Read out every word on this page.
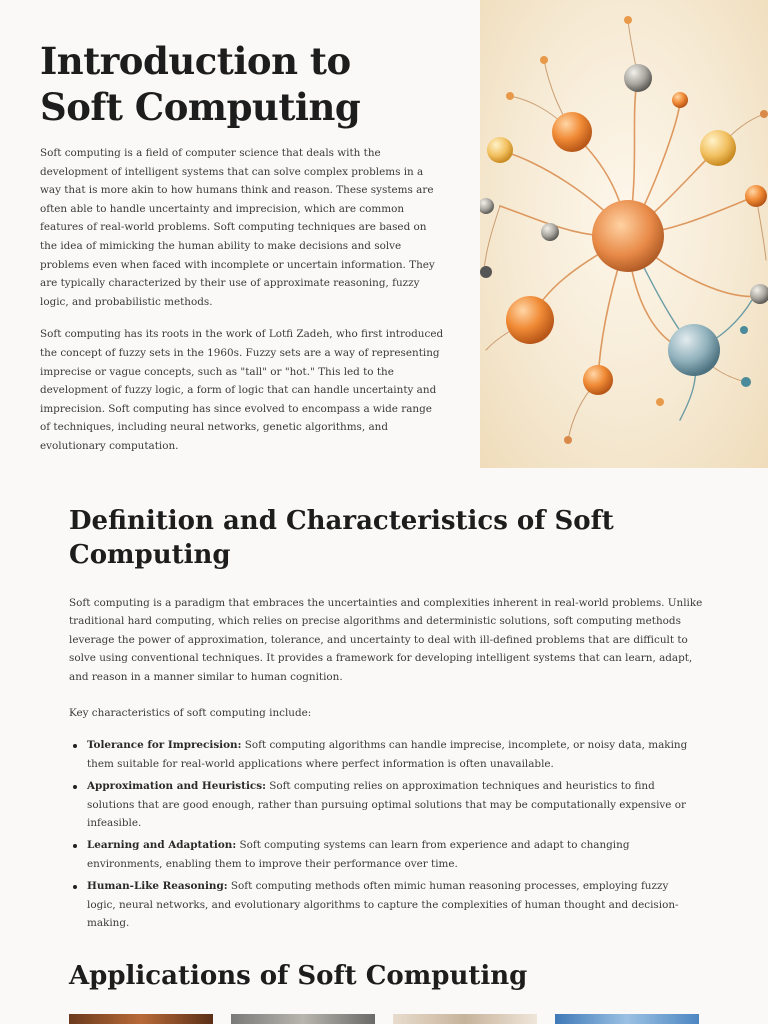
Introduction to Soft Computing

Soft computing is a field of computer science that deals with the development of intelligent systems that can solve complex problems in a way that is more akin to how humans think and reason. These systems are often able to handle uncertainty and imprecision, which are common features of real-world problems. Soft computing techniques are based on the idea of mimicking the human ability to make decisions and solve problems even when faced with incomplete or uncertain information. They are typically characterized by their use of approximate reasoning, fuzzy logic, and probabilistic methods.

Soft computing has its roots in the work of Lotfi Zadeh, who first introduced the concept of fuzzy sets in the 1960s. Fuzzy sets are a way of representing imprecise or vague concepts, such as "tall" or "hot." This led to the development of fuzzy logic, a form of logic that can handle uncertainty and imprecision. Soft computing has since evolved to encompass a wide range of techniques, including neural networks, genetic algorithms, and evolutionary computation.

Definition and Characteristics of Soft Computing

Soft computing is a paradigm that embraces the uncertainties and complexities inherent in real-world problems. Unlike traditional hard computing, which relies on precise algorithms and deterministic solutions, soft computing methods leverage the power of approximation, tolerance, and uncertainty to deal with ill-defined problems that are difficult to solve using conventional techniques. It provides a framework for developing intelligent systems that can learn, adapt, and reason in a manner similar to human cognition.

Key characteristics of soft computing include:

Tolerance for Imprecision: Soft computing algorithms can handle imprecise, incomplete, or noisy data, making them suitable for real-world applications where perfect information is often unavailable.
Approximation and Heuristics: Soft computing relies on approximation techniques and heuristics to find solutions that are good enough, rather than pursuing optimal solutions that may be computationally expensive or infeasible.
Learning and Adaptation: Soft computing systems can learn from experience and adapt to changing environments, enabling them to improve their performance over time.
Human-Like Reasoning: Soft computing methods often mimic human reasoning processes, employing fuzzy logic, neural networks, and evolutionary algorithms to capture the complexities of human thought and decision-making.
Applications of Soft Computing
